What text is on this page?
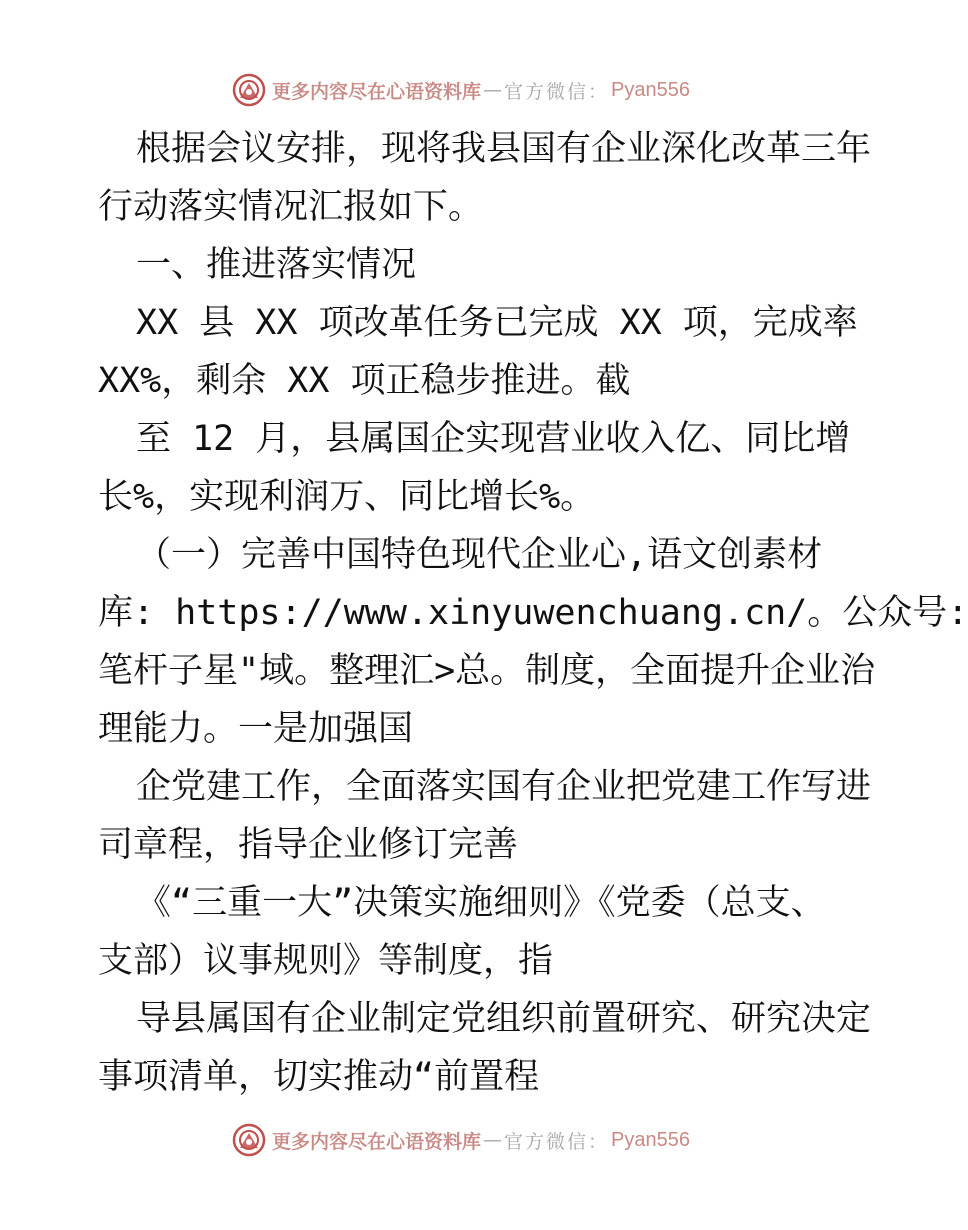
更多内容尽在心语资料库 — 官方微信： Pyan556
根据会议安排，现将我县国有企业深化改革三年
行动落实情况汇报如下。
一、推进落实情况
XX 县 XX 项改革任务已完成 XX 项，完成率
XX%，剩余 XX 项正稳步推进。截
至 12 月，县属国企实现营业收入亿、同比增
长%，实现利润万、同比增长%。
（一）完善中国特色现代企业心,语文创素材
库: https://www.xinyuwenchuang.cn/。公众号:
笔杆子星"域。整理汇>总。制度，全面提升企业治
理能力。一是加强国
企党建工作，全面落实国有企业把党建工作写进
司章程，指导企业修订完善
《“三重一大”决策实施细则》《党委（总支、
支部）议事规则》等制度，指
导县属国有企业制定党组织前置研究、研究决定
事项清单，切实推动“前置程
更多内容尽在心语资料库 — 官方微信： Pyan556
